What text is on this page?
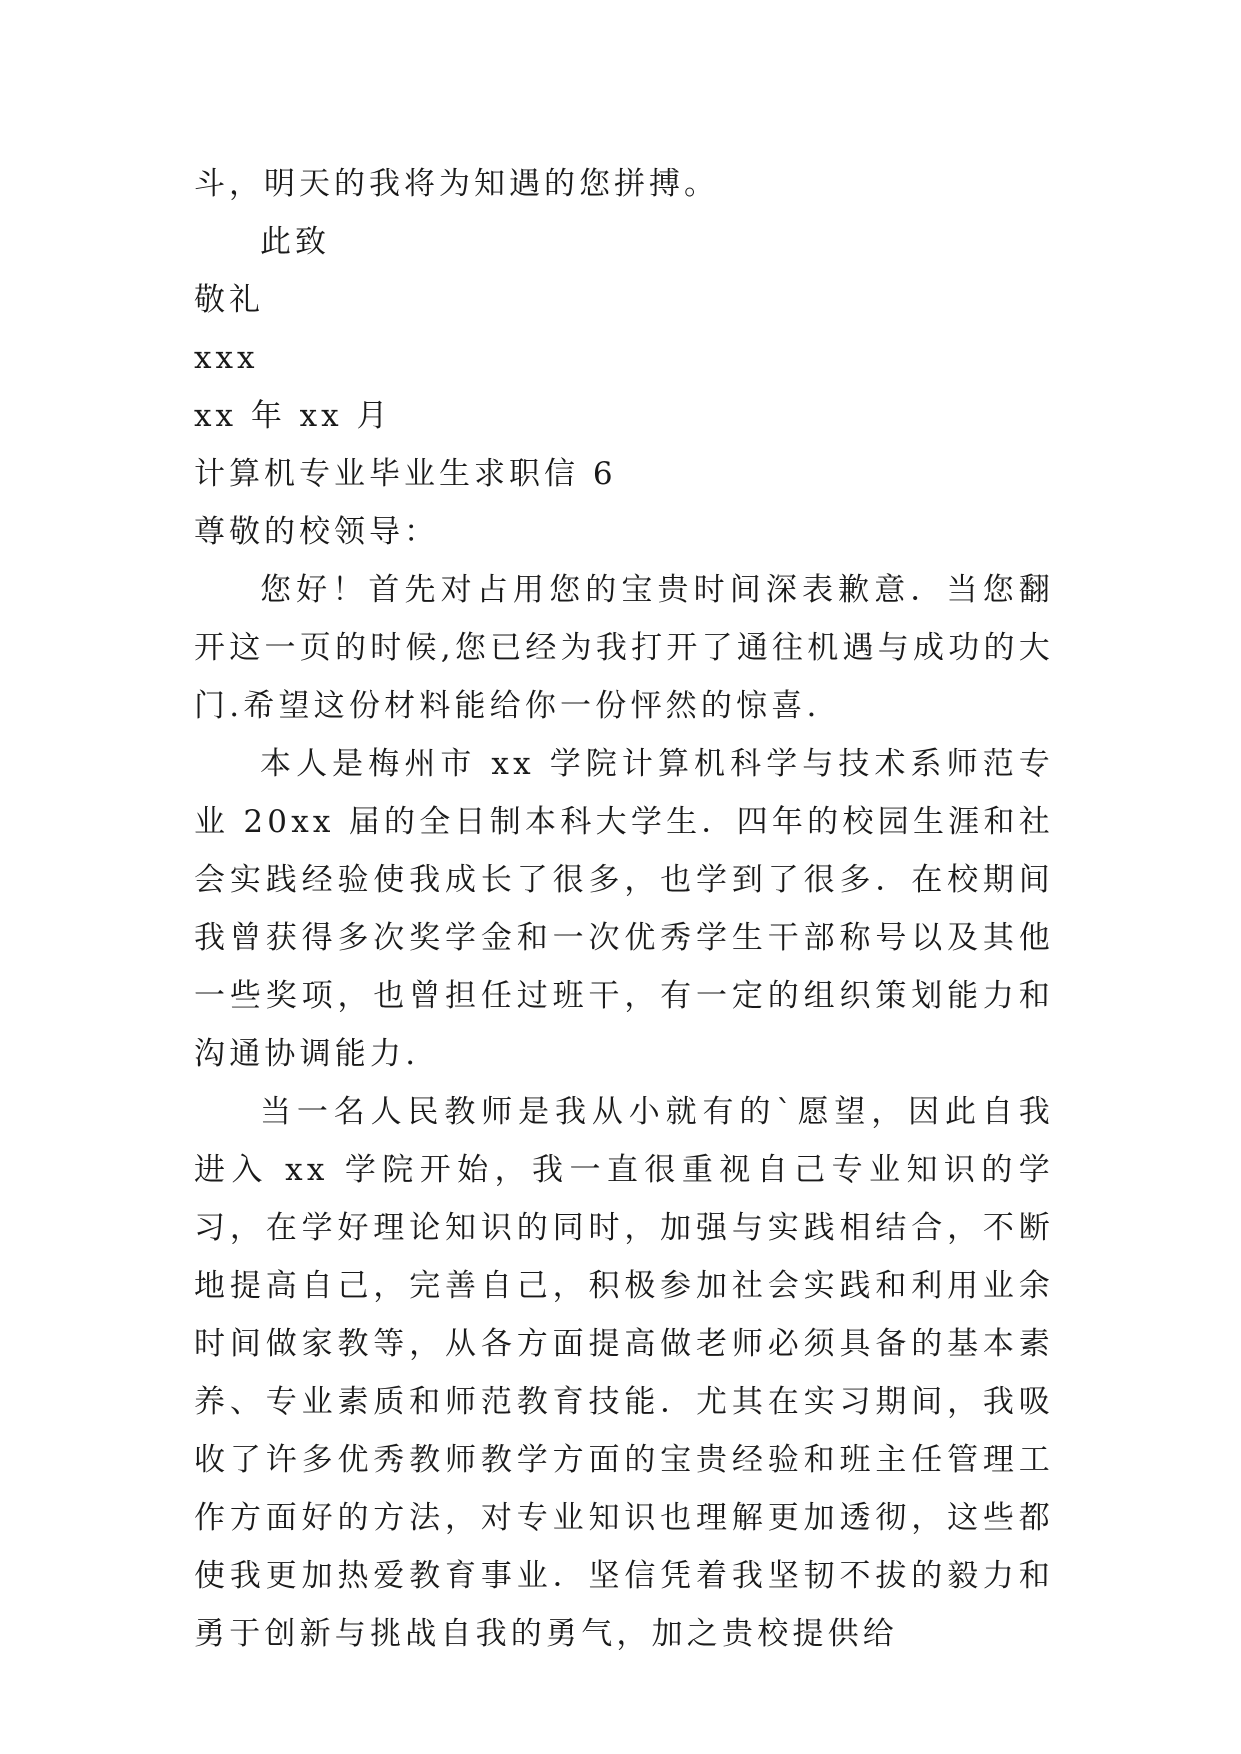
斗，明天的我将为知遇的您拼搏。
此致
敬礼
xxx
xx 年 xx 月
计算机专业毕业生求职信 6
尊敬的校领导：
您好！首先对占用您的宝贵时间深表歉意．当您翻开这一页的时候,您已经为我打开了通往机遇与成功的大门.希望这份材料能给你一份怦然的惊喜.
本人是梅州市 xx 学院计算机科学与技术系师范专业 20xx 届的全日制本科大学生．四年的校园生涯和社会实践经验使我成长了很多，也学到了很多．在校期间我曾获得多次奖学金和一次优秀学生干部称号以及其他一些奖项，也曾担任过班干，有一定的组织策划能力和沟通协调能力.
当一名人民教师是我从小就有的`愿望，因此自我进入 xx 学院开始，我一直很重视自己专业知识的学习，在学好理论知识的同时，加强与实践相结合，不断地提高自己，完善自己，积极参加社会实践和利用业余时间做家教等，从各方面提高做老师必须具备的基本素养、专业素质和师范教育技能．尤其在实习期间，我吸收了许多优秀教师教学方面的宝贵经验和班主任管理工作方面好的方法，对专业知识也理解更加透彻，这些都使我更加热爱教育事业．坚信凭着我坚韧不拔的毅力和勇于创新与挑战自我的勇气，加之贵校提供给
